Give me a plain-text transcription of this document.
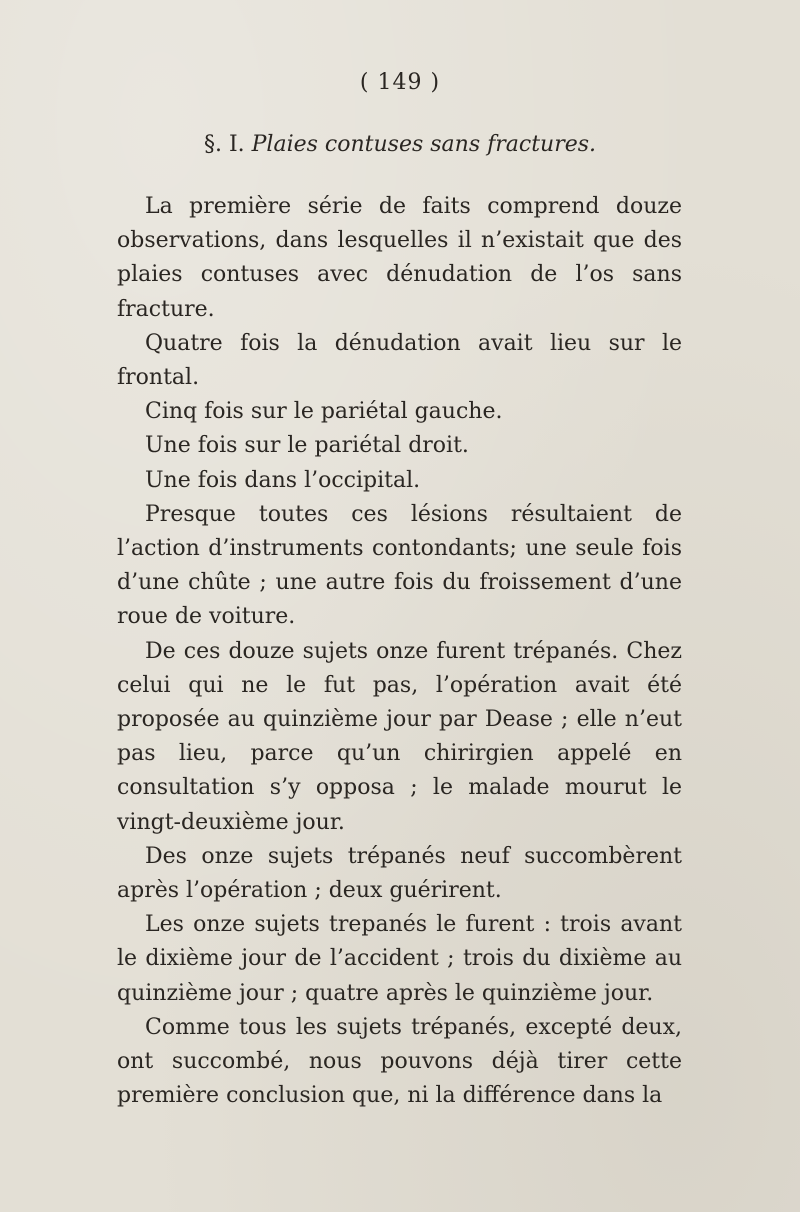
( 149 )
§. I. Plaies contuses sans fractures.

La première série de faits comprend douze observations, dans lesquelles il n’existait que des plaies contuses avec dénudation de l’os sans fracture.

Quatre fois la dénudation avait lieu sur le frontal.

Cinq fois sur le pariétal gauche.

Une fois sur le pariétal droit.

Une fois dans l’occipital.

Presque toutes ces lésions résultaient de l’action d’instruments contondants; une seule fois d’une chûte ; une autre fois du froissement d’une roue de voiture.

De ces douze sujets onze furent trépanés. Chez celui qui ne le fut pas, l’opération avait été proposée au quinzième jour par Dease ; elle n’eut pas lieu, parce qu’un chirirgien appelé en consultation s’y opposa ; le malade mourut le vingt-deuxième jour.

Des onze sujets trépanés neuf succombèrent après l’opération ; deux guérirent.

Les onze sujets trepanés le furent : trois avant le dixième jour de l’accident ; trois du dixième au quinzième jour ; quatre après le quinzième jour.

Comme tous les sujets trépanés, excepté deux, ont succombé, nous pouvons déjà tirer cette première conclusion que, ni la différence dans la
